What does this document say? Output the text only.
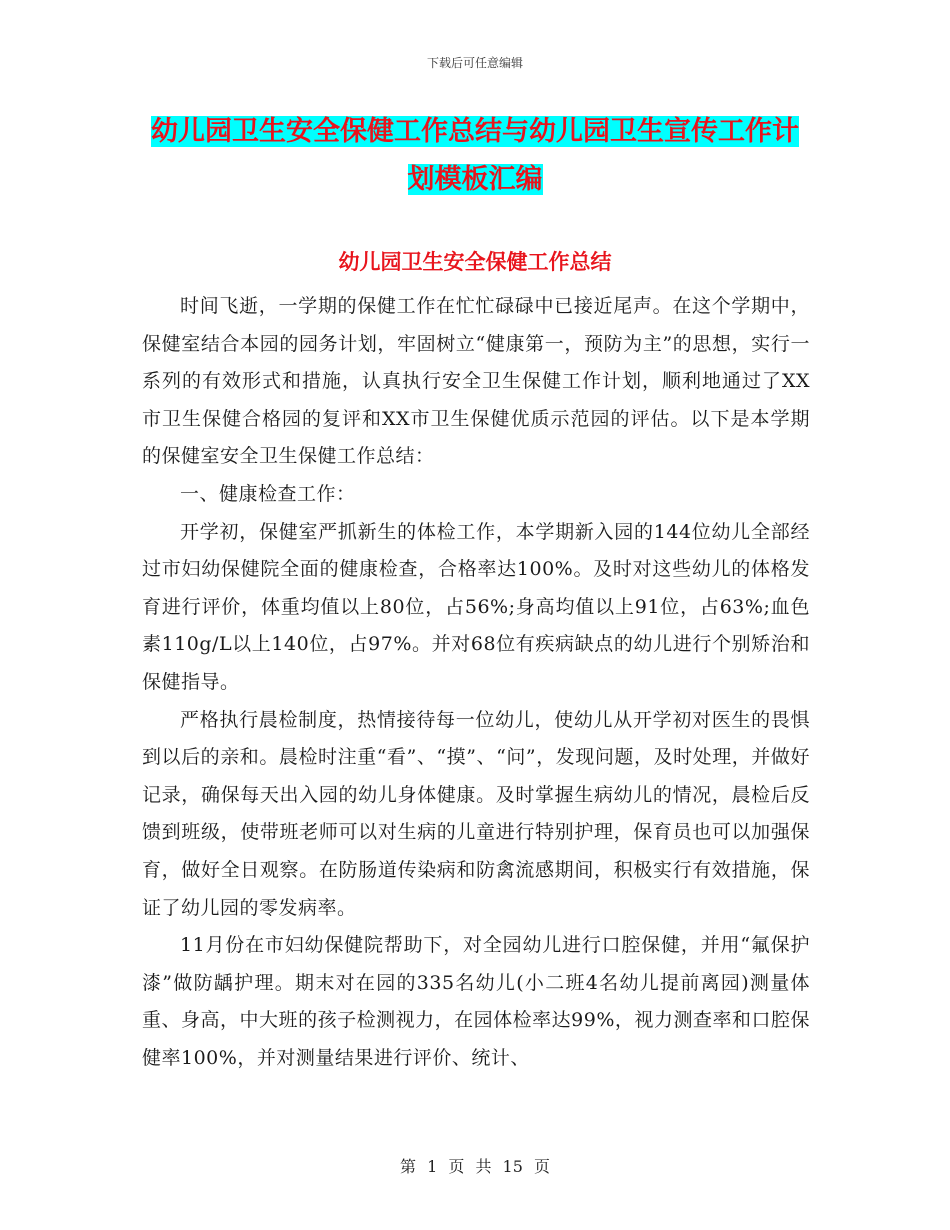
下载后可任意编辑
幼儿园卫生安全保健工作总结与幼儿园卫生宣传工作计划模板汇编
幼儿园卫生安全保健工作总结

时间飞逝，一学期的保健工作在忙忙碌碌中已接近尾声。在这个学期中，保健室结合本园的园务计划，牢固树立“健康第一，预防为主”的思想，实行一系列的有效形式和措施，认真执行安全卫生保健工作计划，顺利地通过了XX市卫生保健合格园的复评和XX市卫生保健优质示范园的评估。以下是本学期的保健室安全卫生保健工作总结：

一、健康检查工作：

开学初，保健室严抓新生的体检工作，本学期新入园的144位幼儿全部经过市妇幼保健院全面的健康检查，合格率达100%。及时对这些幼儿的体格发育进行评价，体重均值以上80位，占56%;身高均值以上91位，占63%;血色素110g/L以上140位，占97%。并对68位有疾病缺点的幼儿进行个别矫治和保健指导。

严格执行晨检制度，热情接待每一位幼儿，使幼儿从开学初对医生的畏惧到以后的亲和。晨检时注重“看”、“摸”、“问”，发现问题，及时处理，并做好记录，确保每天出入园的幼儿身体健康。及时掌握生病幼儿的情况，晨检后反馈到班级，使带班老师可以对生病的儿童进行特别护理，保育员也可以加强保育，做好全日观察。在防肠道传染病和防禽流感期间，积极实行有效措施，保证了幼儿园的零发病率。

11月份在市妇幼保健院帮助下，对全园幼儿进行口腔保健，并用“氟保护漆”做防龋护理。期末对在园的335名幼儿(小二班4名幼儿提前离园)测量体重、身高，中大班的孩子检测视力，在园体检率达99%，视力测查率和口腔保健率100%，并对测量结果进行评价、统计、

第 1 页 共 15 页
